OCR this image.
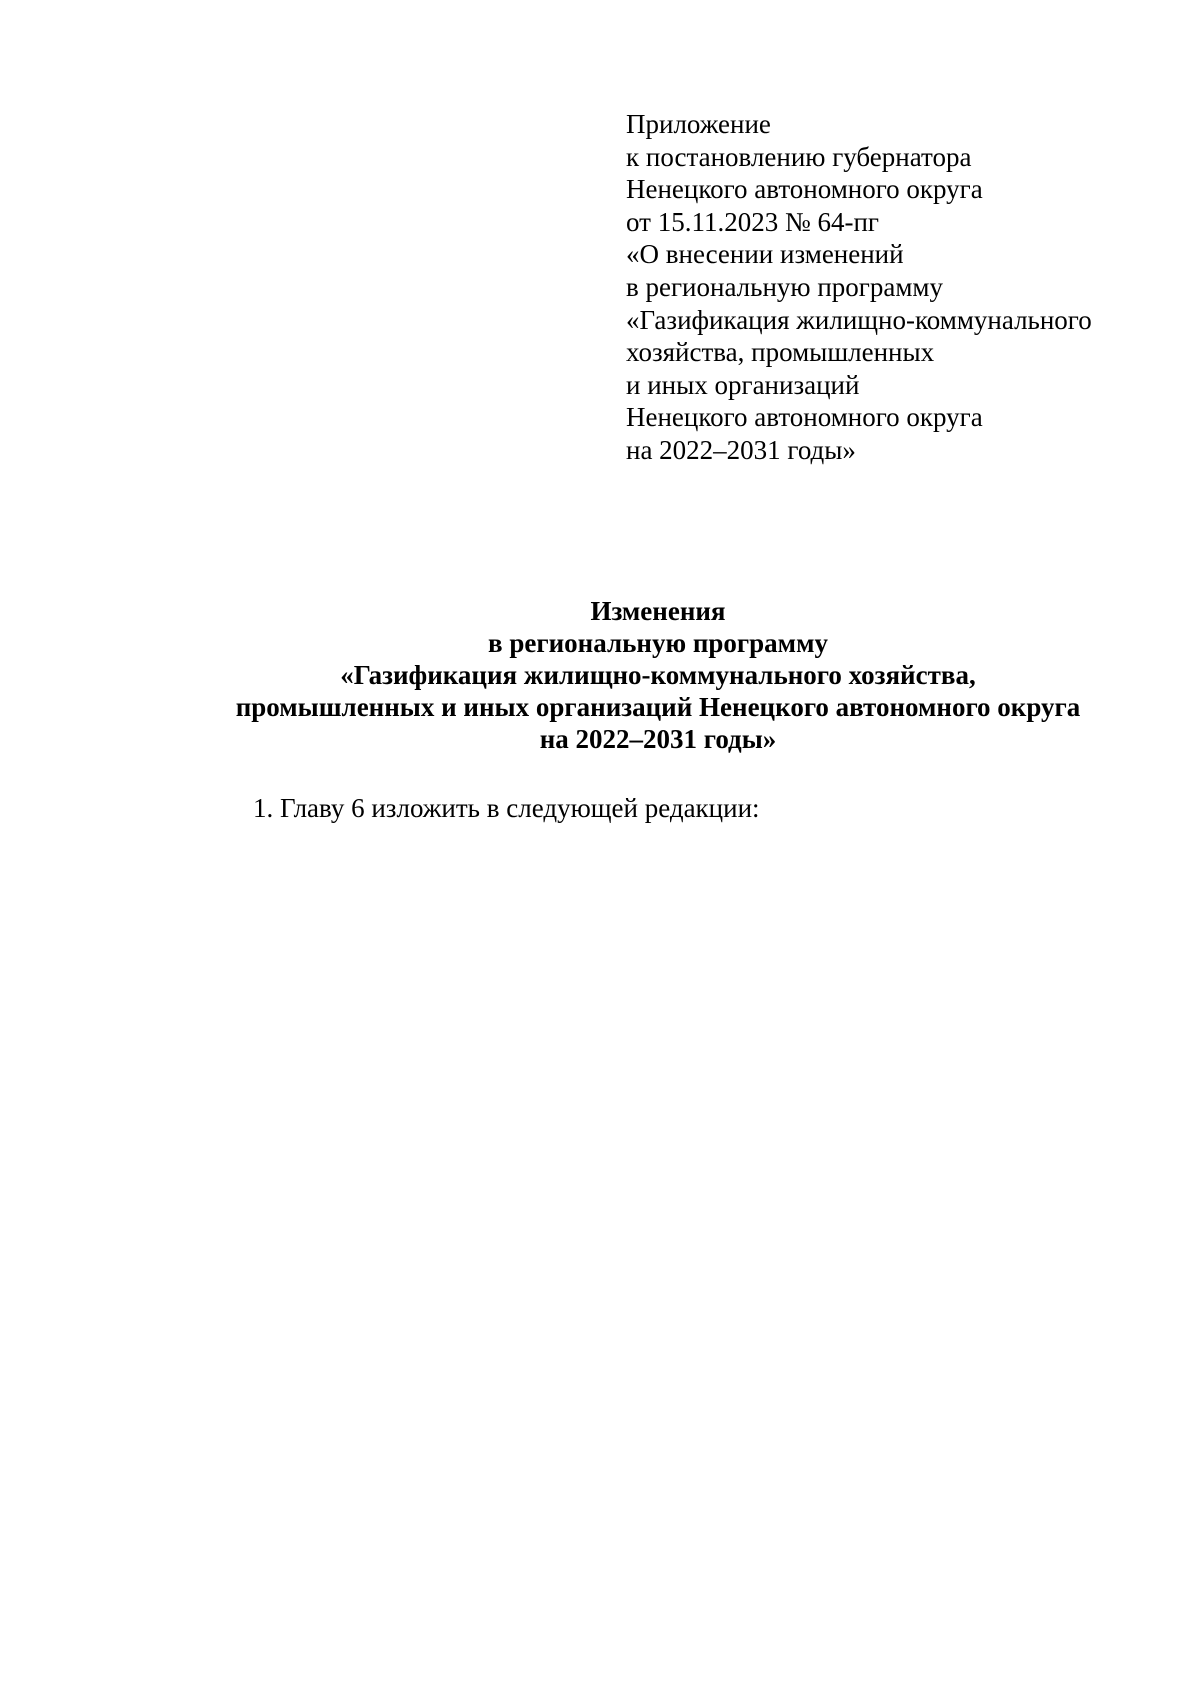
Приложение
к постановлению губернатора
Ненецкого автономного округа
от 15.11.2023 № 64-пг
«О внесении изменений
в региональную программу
«Газификация жилищно-коммунального
хозяйства, промышленных
и иных организаций
Ненецкого автономного округа
на 2022–2031 годы»
Изменения
в региональную программу
«Газификация жилищно-коммунального хозяйства,
промышленных и иных организаций Ненецкого автономного округа
на 2022–2031 годы»
1. Главу 6 изложить в следующей редакции:
